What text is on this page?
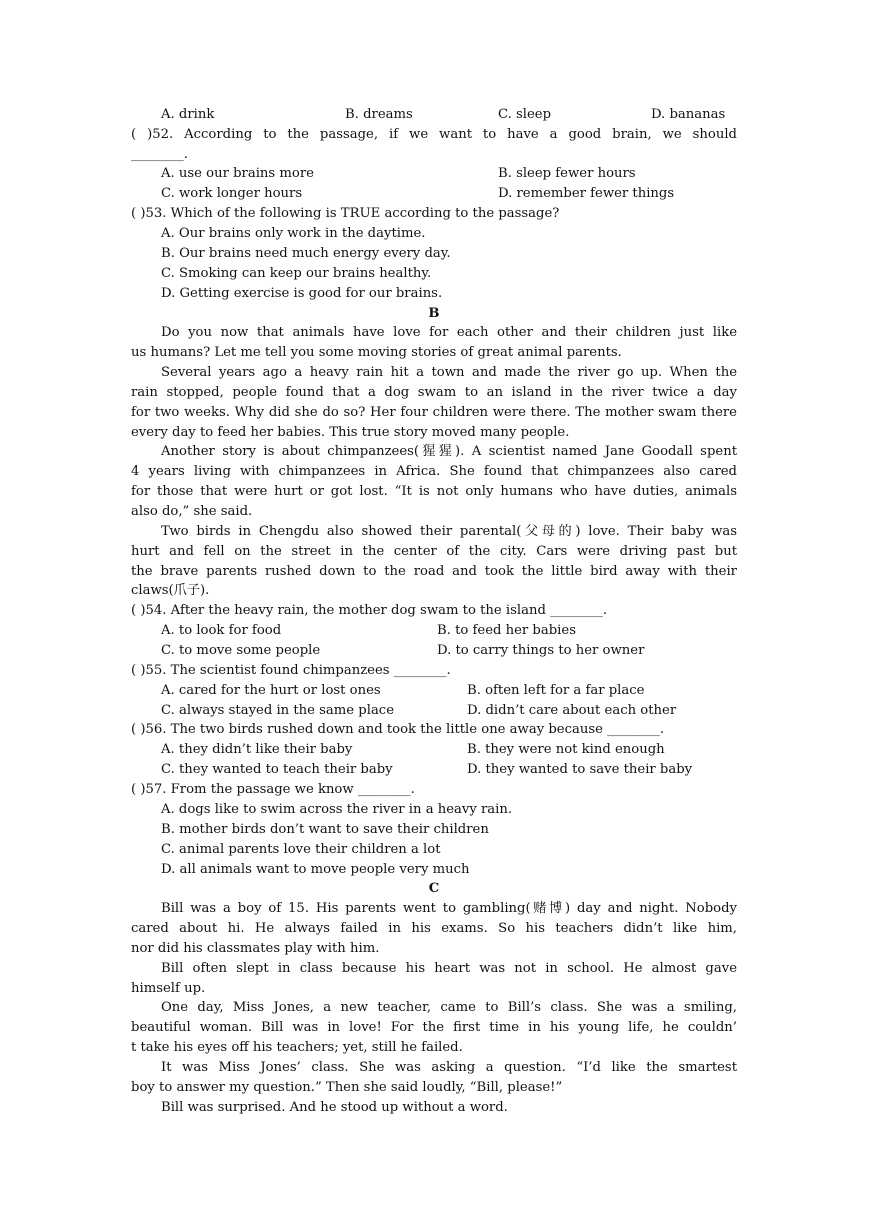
A. drink	B. dreams	C. sleep	D. bananas
( )52. According to the passage, if we want to have a good brain, we should
________.
A. use our brains more	B. sleep fewer hours
C. work longer hours	D. remember fewer things
( )53. Which of the following is TRUE according to the passage?
A. Our brains only work in the daytime.
B. Our brains need much energy every day.
C. Smoking can keep our brains healthy.
D. Getting exercise is good for our brains.
B
Do you now that animals have love for each other and their children just like
us humans? Let me tell you some moving stories of great animal parents.
Several years ago a heavy rain hit a town and made the river go up. When the
rain stopped, people found that a dog swam to an island in the river twice a day
for two weeks. Why did she do so? Her four children were there. The mother swam there
every day to feed her babies. This true story moved many people.
Another story is about chimpanzees(猩猩). A scientist named Jane Goodall spent
4 years living with chimpanzees in Africa. She found that chimpanzees also cared
for those that were hurt or got lost. “It is not only humans who have duties, animals
also do,” she said.
Two birds in Chengdu also showed their parental(父母的) love. Their baby was
hurt and fell on the street in the center of the city. Cars were driving past but
the brave parents rushed down to the road and took the little bird away with their
claws(爪子).
( )54. After the heavy rain, the mother dog swam to the island ________.
A. to look for food	B. to feed her babies
C. to move some people	D. to carry things to her owner
( )55. The scientist found chimpanzees ________.
A. cared for the hurt or lost ones	B. often left for a far place
C. always stayed in the same place	D. didn’t care about each other
( )56. The two birds rushed down and took the little one away because ________.
A. they didn’t like their baby	B. they were not kind enough
C. they wanted to teach their baby	D. they wanted to save their baby
( )57. From the passage we know ________.
A. dogs like to swim across the river in a heavy rain.
B. mother birds don’t want to save their children
C. animal parents love their children a lot
D. all animals want to move people very much
C
Bill was a boy of 15. His parents went to gambling(赌博) day and night. Nobody
cared about hi. He always failed in his exams. So his teachers didn’t like him,
nor did his classmates play with him.
Bill often slept in class because his heart was not in school. He almost gave
himself up.
One day, Miss Jones, a new teacher, came to Bill’s class. She was a smiling,
beautiful woman. Bill was in love! For the first time in his young life, he couldn’
t take his eyes off his teachers; yet, still he failed.
It was Miss Jones’ class. She was asking a question. “I’d like the smartest
boy to answer my question.” Then she said loudly, “Bill, please!”
Bill was surprised. And he stood up without a word.
